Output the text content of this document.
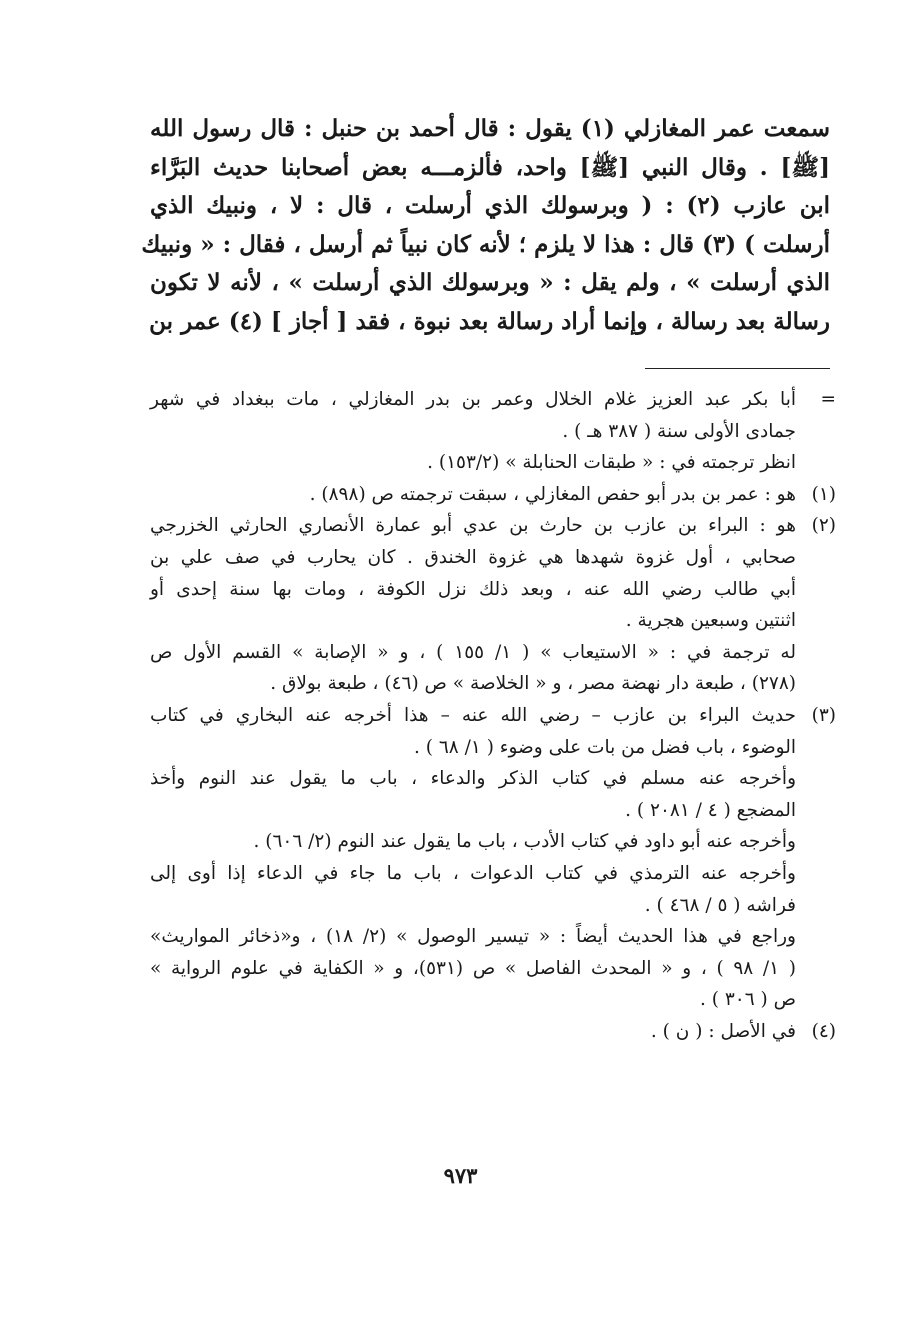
سمعت عمر المغازلي (١) يقول : قال أحمد بن حنبل : قال رسول الله
[ﷺ] . وقال النبي [ﷺ] واحد، فألزمـــه بعض أصحابنا حديث البَرَّاء
ابن عازب (٢) : ( وبرسولك الذي أرسلت ، قال : لا ، ونبيك الذي
أرسلت ) (٣) قال : هذا لا يلزم ؛ لأنه كان نبياً ثم أرسل ، فقال : « ونبيك
الذي أرسلت » ، ولم يقل : « وبرسولك الذي أرسلت » ، لأنه لا تكون
رسالة بعد رسالة ، وإنما أراد رسالة بعد نبوة ، فقد [ أجاز ] (٤) عمر بن
=
أبا بكر عبد العزيز غلام الخلال وعمر بن بدر المغازلي ، مات ببغداد في شهر
جمادى الأولى سنة ( ٣٨٧ هـ ) .
انظر ترجمته في : « طبقات الحنابلة » (١٥٣/٢) .
(١)
هو : عمر بن بدر أبو حفص المغازلي ، سبقت ترجمته ص (٨٩٨) .
(٢)
هو : البراء بن عازب بن حارث بن عدي أبو عمارة الأنصاري الحارثي الخزرجي
صحابي ، أول غزوة شهدها هي غزوة الخندق . كان يحارب في صف علي بن
أبي طالب رضي الله عنه ، وبعد ذلك نزل الكوفة ، ومات بها سنة إحدى أو
اثنتين وسبعين هجرية .
له ترجمة في : « الاستيعاب » ( ١/ ١٥٥ ) ، و « الإصابة » القسم الأول ص
(٢٧٨) ، طبعة دار نهضة مصر ، و « الخلاصة » ص (٤٦) ، طبعة بولاق .
(٣)
حديث البراء بن عازب – رضي الله عنه – هذا أخرجه عنه البخاري في كتاب
الوضوء ، باب فضل من بات على وضوء ( ١/ ٦٨ ) .
وأخرجه عنه مسلم في كتاب الذكر والدعاء ، باب ما يقول عند النوم وأخذ
المضجع ( ٤ / ٢٠٨١ ) .
وأخرجه عنه أبو داود في كتاب الأدب ، باب ما يقول عند النوم (٢/ ٦٠٦) .
وأخرجه عنه الترمذي في كتاب الدعوات ، باب ما جاء في الدعاء إذا أوى إلى
فراشه ( ٥ / ٤٦٨ ) .
وراجع في هذا الحديث أيضاً : « تيسير الوصول » (٢/ ١٨) ، و«ذخائر المواريث»
( ١/ ٩٨ ) ، و « المحدث الفاصل » ص (٥٣١)، و « الكفاية في علوم الرواية »
ص ( ٣٠٦ ) .
(٤)
في الأصل : ( ن ) .
٩٧٣
